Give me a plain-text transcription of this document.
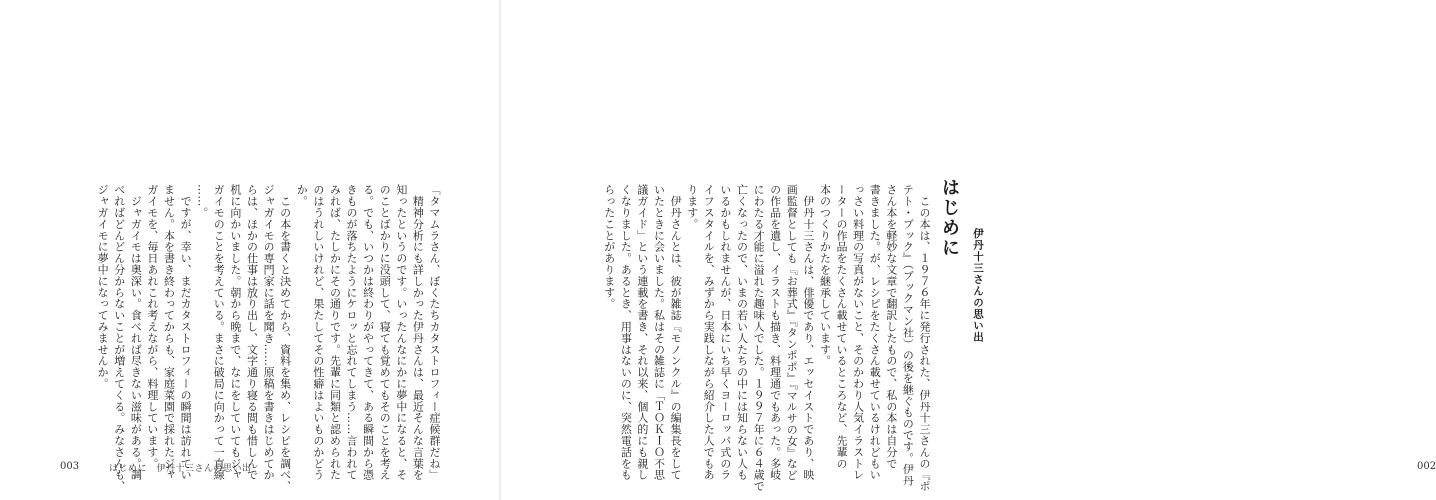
「タマムラさん、ぼくたちカタストロフィー症候群だね」
　精神分析にも詳しかった伊丹さんは、最近そんな言葉を
知ったというのです。いったんなにかに夢中になると、そ
のことばかりに没頭して、寝ても覚めてもそのことを考え
る。でも、いつかは終わりがやってきて、ある瞬間から憑
きものが落ちたようにケロッと忘れてしまう……言われて
みれば、たしかにその通りです。先輩に同類と認められた
のはうれしいけれど、果たしてその性癖はよいものかどう
か。
　この本を書くと決めてから、資料を集め、レシピを調べ、
ジャガイモの専門家に話を聞き……原稿を書きはじめてか
らは、ほかの仕事は放り出し、文字通り寝る間も惜しんで
机に向かいました。朝から晩まで、なにをしていてもジャ
ガイモのことを考えている。まさに破局に向かって一直線
……。
　ですが、幸い、まだカタストロフィーの瞬間は訪れてい
ません。本を書き終わってからも、家庭菜園で採れたジャ
ガイモを、毎日あれこれ考えながら、料理しています。
　ジャガイモは奥深い。食べれば尽きない滋味がある。調
べればどんどん分からないことが増えてくる。みなさんも、
ジャガイモに夢中になってみませんか。
003	はじめに　伊丹十三さんの思い出	　この本は、１９７６年に発行された、伊丹十三さんの『ポ
テト・ブック』（ブックマン社）の後を継ぐものです。伊丹
さん本を軽妙な文章で翻訳したもので、私の本は自分で
書きました。が、レシピをたくさん載せているけれどもい
っさい料理の写真がないこと、そのかわり人気イラストレ
ーターの作品をたくさん載せているところなど、先輩の
本のつくりかたを継承しています。
　伊丹十三さんは、俳優であり、エッセイストであり、映
画監督としても『お葬式』『タンポポ』『マルサの女』など
の作品を遺し、イラストも描き、料理通でもあった。多岐
にわたる才能に溢れた趣味人でした。１９９７年に６４歳で
亡くなったので、いまの若い人たちの中には知らない人も
いるかもしれませんが、日本にいち早くヨーロッパ式のラ
イフスタイルを、みずから実践しながら紹介した人でもあ
ります。
　伊丹さんとは、彼が雑誌『モノンクル』の編集長をして
いたときに会いました。私はその雑誌に「ＴＯＫＩＯ不思
議ガイド」という連載を書き、それ以来、個人的にも親し
くなりました。あるとき、用事はないのに、突然電話をも
らったことがあります。	はじめに
伊丹十三さんの思い出
002
